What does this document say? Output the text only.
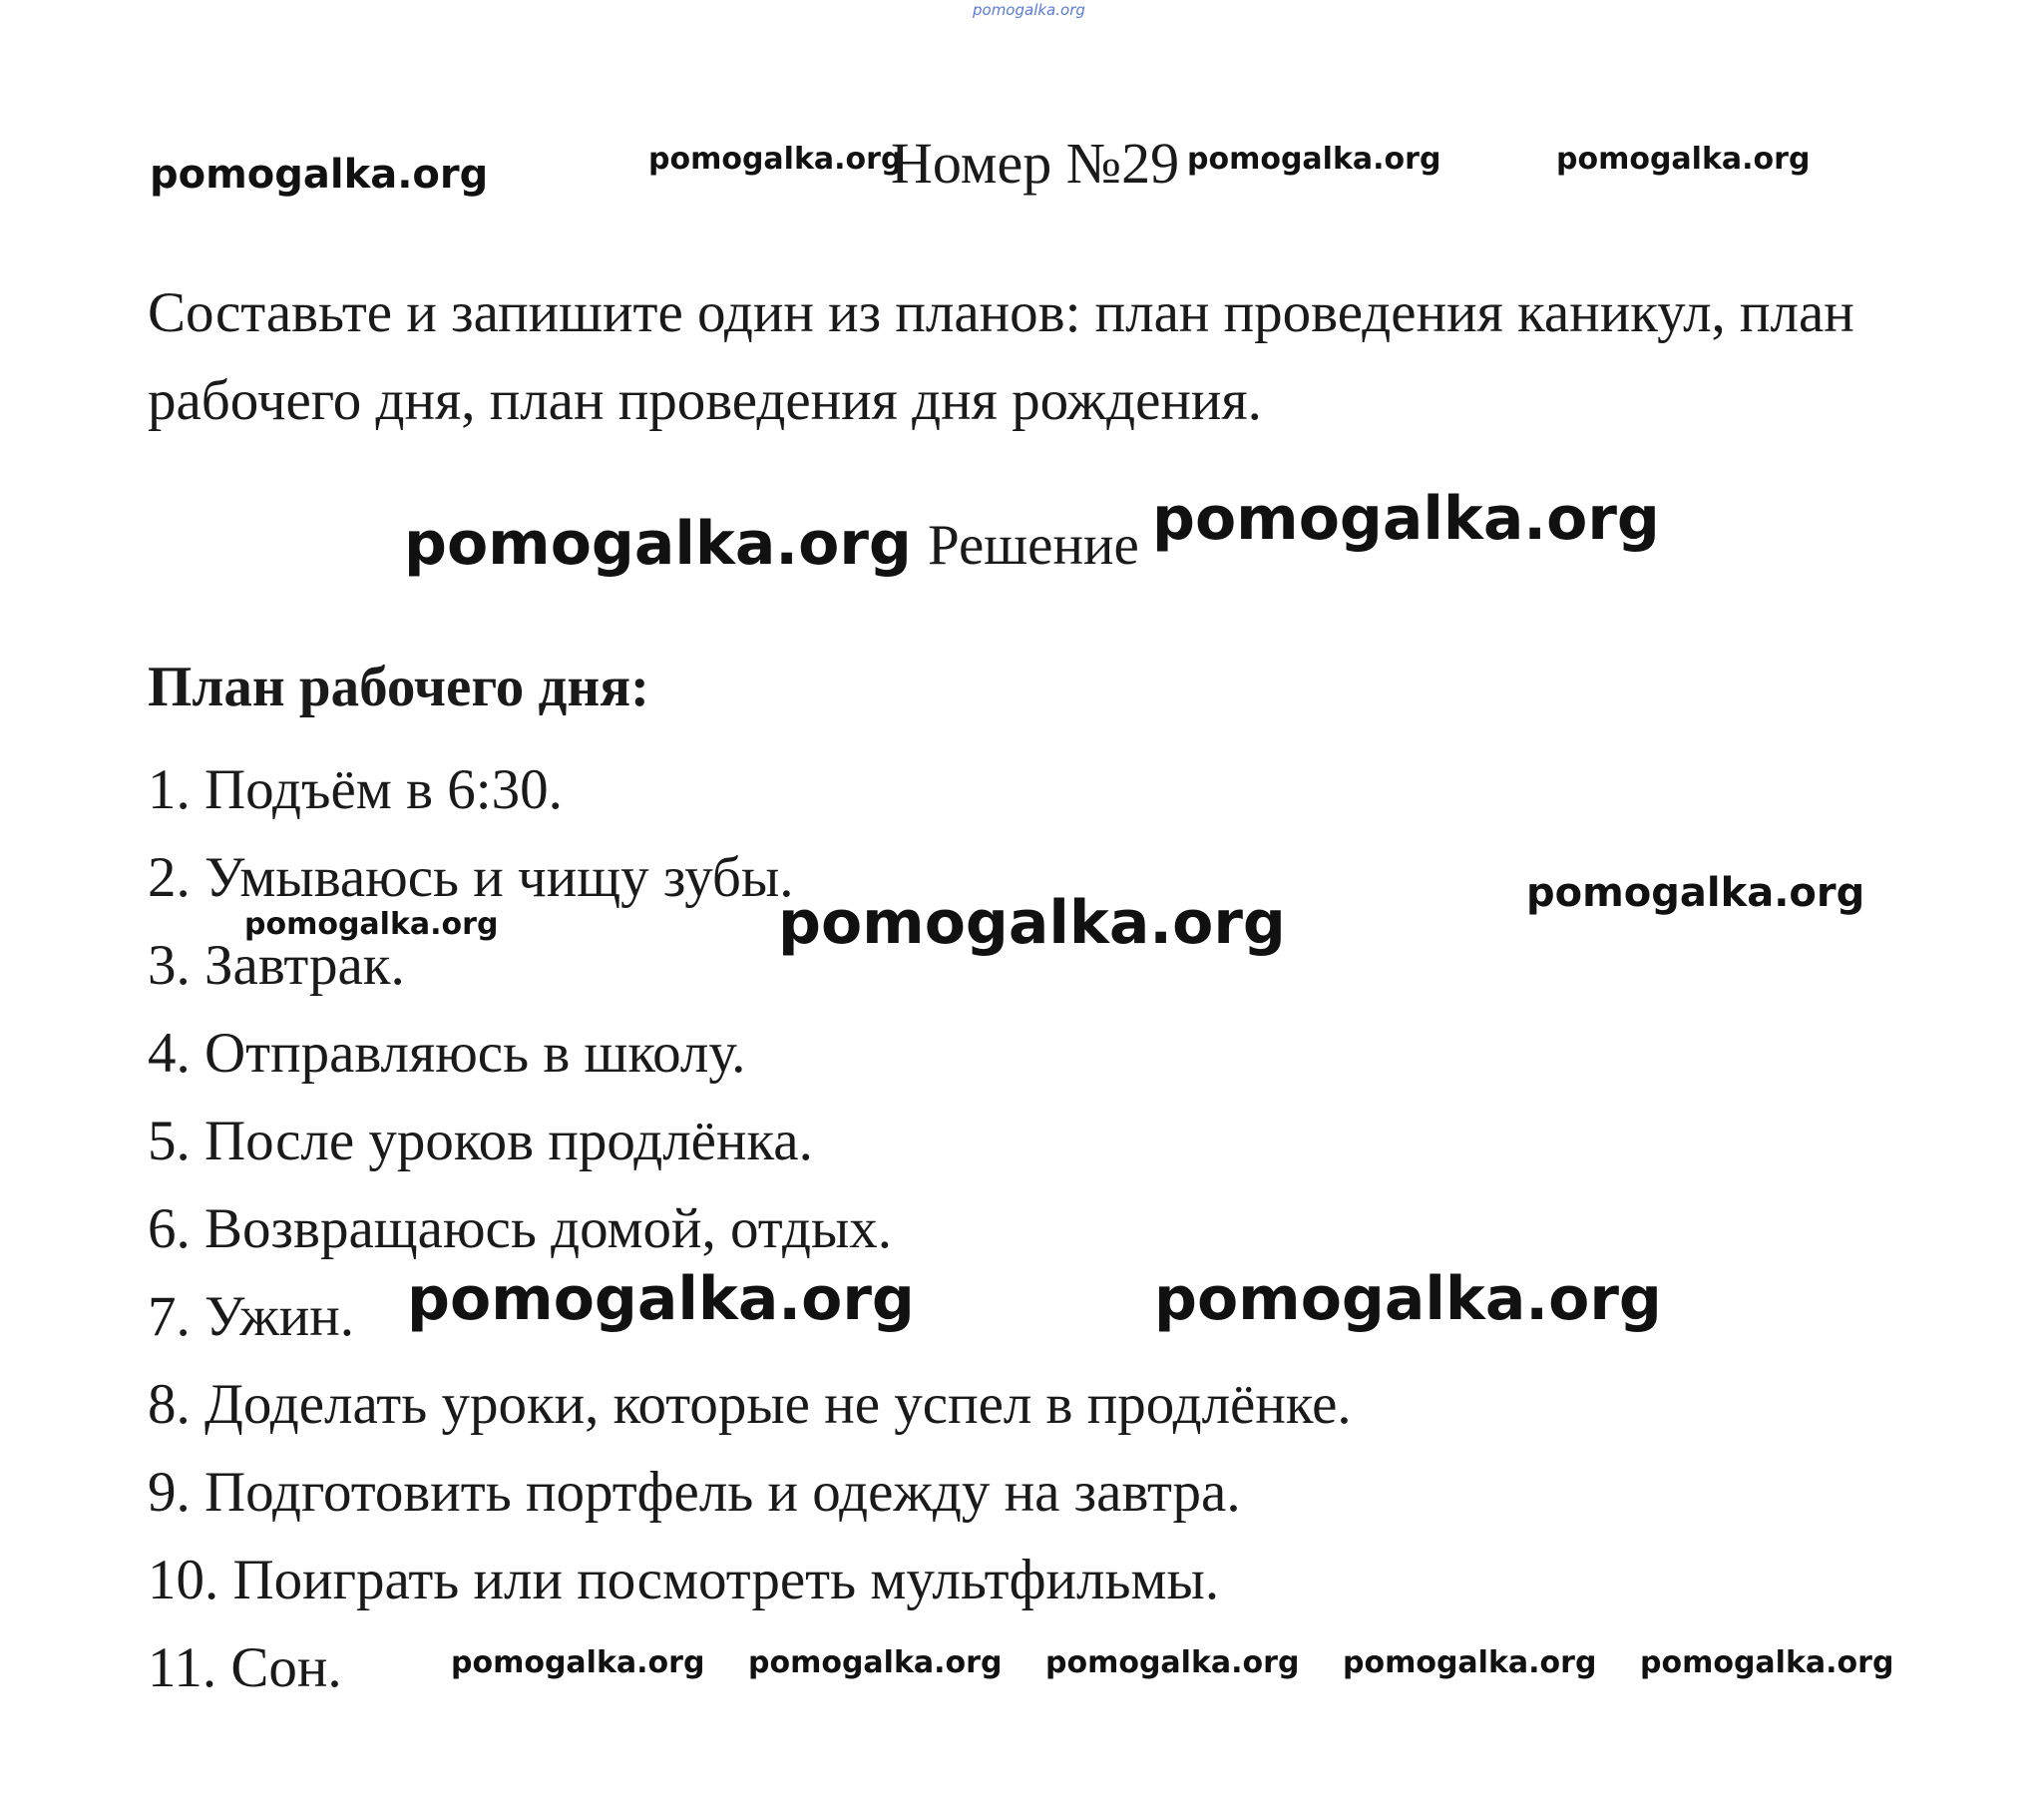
pomogalka.org
pomogalka.org	pomogalka.org	pomogalka.org	pomogalka.org
Номер №29
Составьте и запишите один из планов: план проведения каникул, план рабочего дня, план проведения дня рождения.
pomogalka.org Решение pomogalka.org
План рабочего дня:
1. Подъём в 6:30.
2. Умываюсь и чищу зубы.
3. Завтрак.
4. Отправляюсь в школу.
5. После уроков продлёнка.
6. Возвращаюсь домой, отдых.
7. Ужин.
8. Доделать уроки, которые не успел в продлёнке.
9. Подготовить портфель и одежду на завтра.
10. Поиграть или посмотреть мультфильмы.
11. Сон.
pomogalka.org	pomogalka.org	pomogalka.org
pomogalka.org	pomogalka.org
pomogalka.org pomogalka.org pomogalka.org pomogalka.org pomogalka.org
